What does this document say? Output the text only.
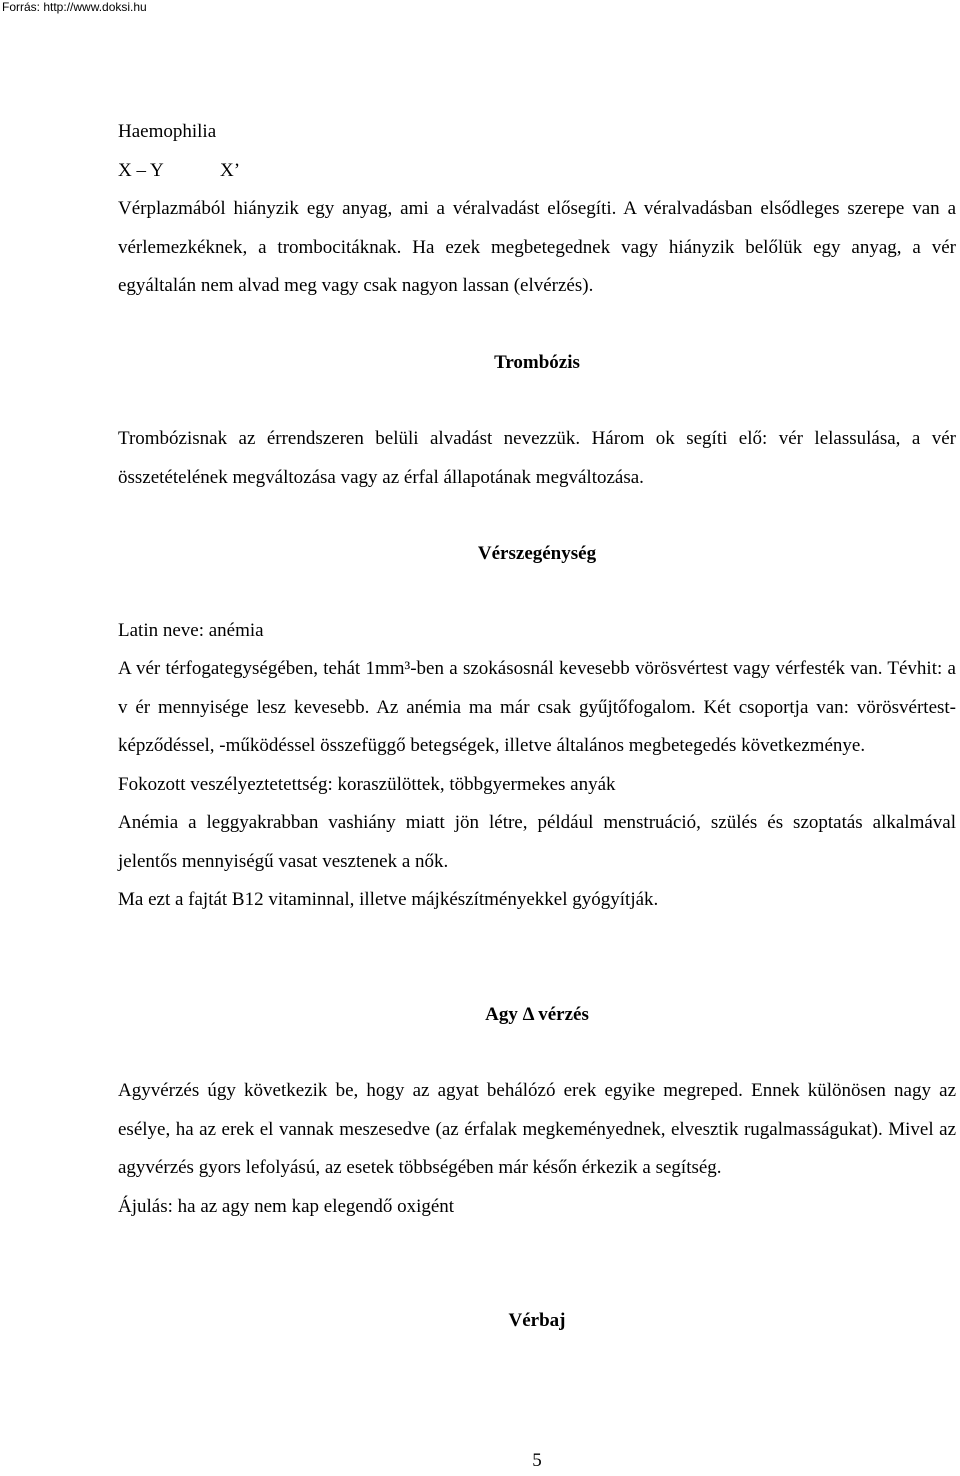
Forrás: http://www.doksi.hu

Haemophilia

X – Y            X’

Vérplazmából hiányzik egy anyag, ami a véralvadást elősegíti. A véralvadásban elsődleges szerepe van a vérlemezkéknek, a trombocitáknak. Ha ezek megbetegednek vagy hiányzik belőlük egy anyag, a vér egyáltalán nem alvad meg vagy csak nagyon lassan (elvérzés).

Trombózis

Trombózisnak az érrendszeren belüli alvadást nevezzük. Három ok segíti elő: vér lelassulása, a vér összetételének megváltozása vagy az érfal állapotának megváltozása.

Vérszegénység

Latin neve: anémia

A vér térfogategységében, tehát 1mm³-ben a szokásosnál kevesebb vörösvértest vagy vérfesték van. Tévhit: a v ér mennyisége lesz kevesebb. Az anémia ma már csak gyűjtőfogalom. Két csoportja van: vörösvértest-képződéssel, -működéssel összefüggő betegségek, illetve általános megbetegedés következménye.

Fokozott veszélyeztetettség: koraszülöttek, többgyermekes anyák

Anémia a leggyakrabban vashiány miatt jön létre, például menstruáció, szülés és szoptatás alkalmával jelentős mennyiségű vasat vesztenek a nők.

Ma ezt a fajtát B12 vitaminnal, illetve májkészítményekkel gyógyítják.

Agy Δ vérzés

Agyvérzés úgy következik be, hogy az agyat behálózó erek egyike megreped. Ennek különösen nagy az esélye, ha az erek el vannak meszesedve (az érfalak megkeményednek, elvesztik rugalmasságukat). Mivel az agyvérzés gyors lefolyású, az esetek többségében már későn érkezik a segítség.

Ájulás: ha az agy nem kap elegendő oxigént

Vérbaj

5
